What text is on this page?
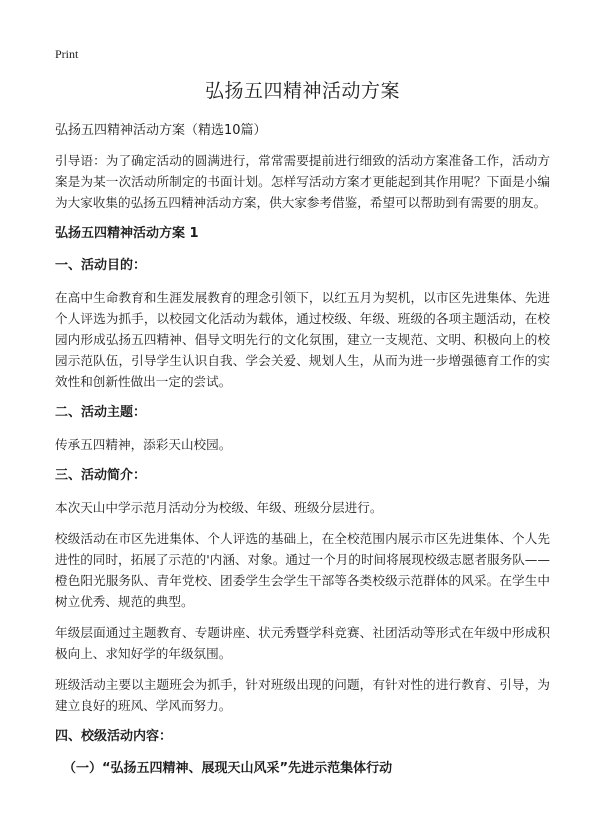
Print
弘扬五四精神活动方案
弘扬五四精神活动方案（精选10篇）

引导语：为了确定活动的圆满进行，常常需要提前进行细致的活动方案准备工作，活动方案是为某一次活动所制定的书面计划。怎样写活动方案才更能起到其作用呢？下面是小编为大家收集的弘扬五四精神活动方案，供大家参考借鉴，希望可以帮助到有需要的朋友。

弘扬五四精神活动方案 1
一、活动目的：

在高中生命教育和生涯发展教育的理念引领下，以红五月为契机，以市区先进集体、先进个人评选为抓手，以校园文化活动为载体，通过校级、年级、班级的各项主题活动，在校园内形成弘扬五四精神、倡导文明先行的文化氛围，建立一支规范、文明、积极向上的校园示范队伍，引导学生认识自我、学会关爱、规划人生，从而为进一步增强德育工作的实效性和创新性做出一定的尝试。

二、活动主题：

传承五四精神，添彩天山校园。

三、活动简介：

本次天山中学示范月活动分为校级、年级、班级分层进行。

校级活动在市区先进集体、个人评选的基础上，在全校范围内展示市区先进集体、个人先进性的同时，拓展了示范的'内涵、对象。通过一个月的时间将展现校级志愿者服务队——橙色阳光服务队、青年党校、团委学生会学生干部等各类校级示范群体的风采。在学生中树立优秀、规范的典型。

年级层面通过主题教育、专题讲座、状元秀暨学科竞赛、社团活动等形式在年级中形成积极向上、求知好学的年级氛围。

班级活动主要以主题班会为抓手，针对班级出现的问题，有针对性的进行教育、引导，为建立良好的班风、学风而努力。

四、校级活动内容：
（一）“弘扬五四精神、展现天山风采”先进示范集体行动
